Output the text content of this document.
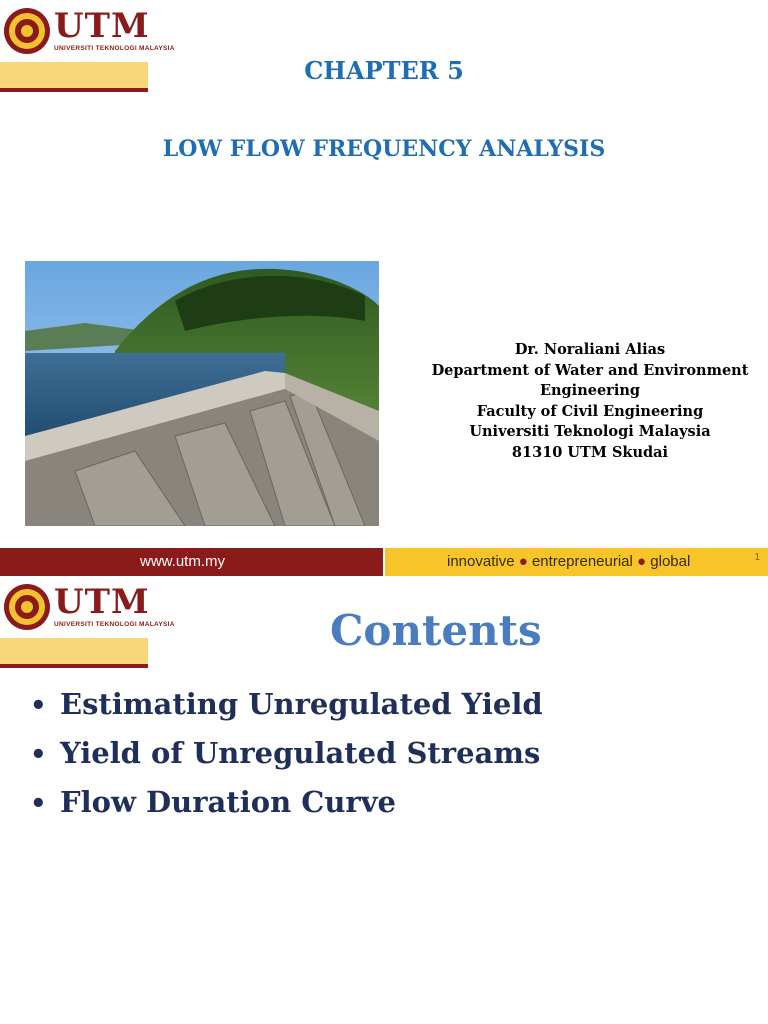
UTM
UNIVERSITI TEKNOLOGI MALAYSIA
CHAPTER 5
LOW FLOW FREQUENCY ANALYSIS
Dr. Noraliani Alias
Department of Water and Environment
Engineering
Faculty of Civil Engineering
Universiti Teknologi Malaysia
81310 UTM Skudai
www.utm.my	1
innovative ● entrepreneurial ● global
UTM
UNIVERSITI TEKNOLOGI MALAYSIA	Contents
• Estimating Unregulated Yield
• Yield of Unregulated Streams
• Flow Duration Curve
